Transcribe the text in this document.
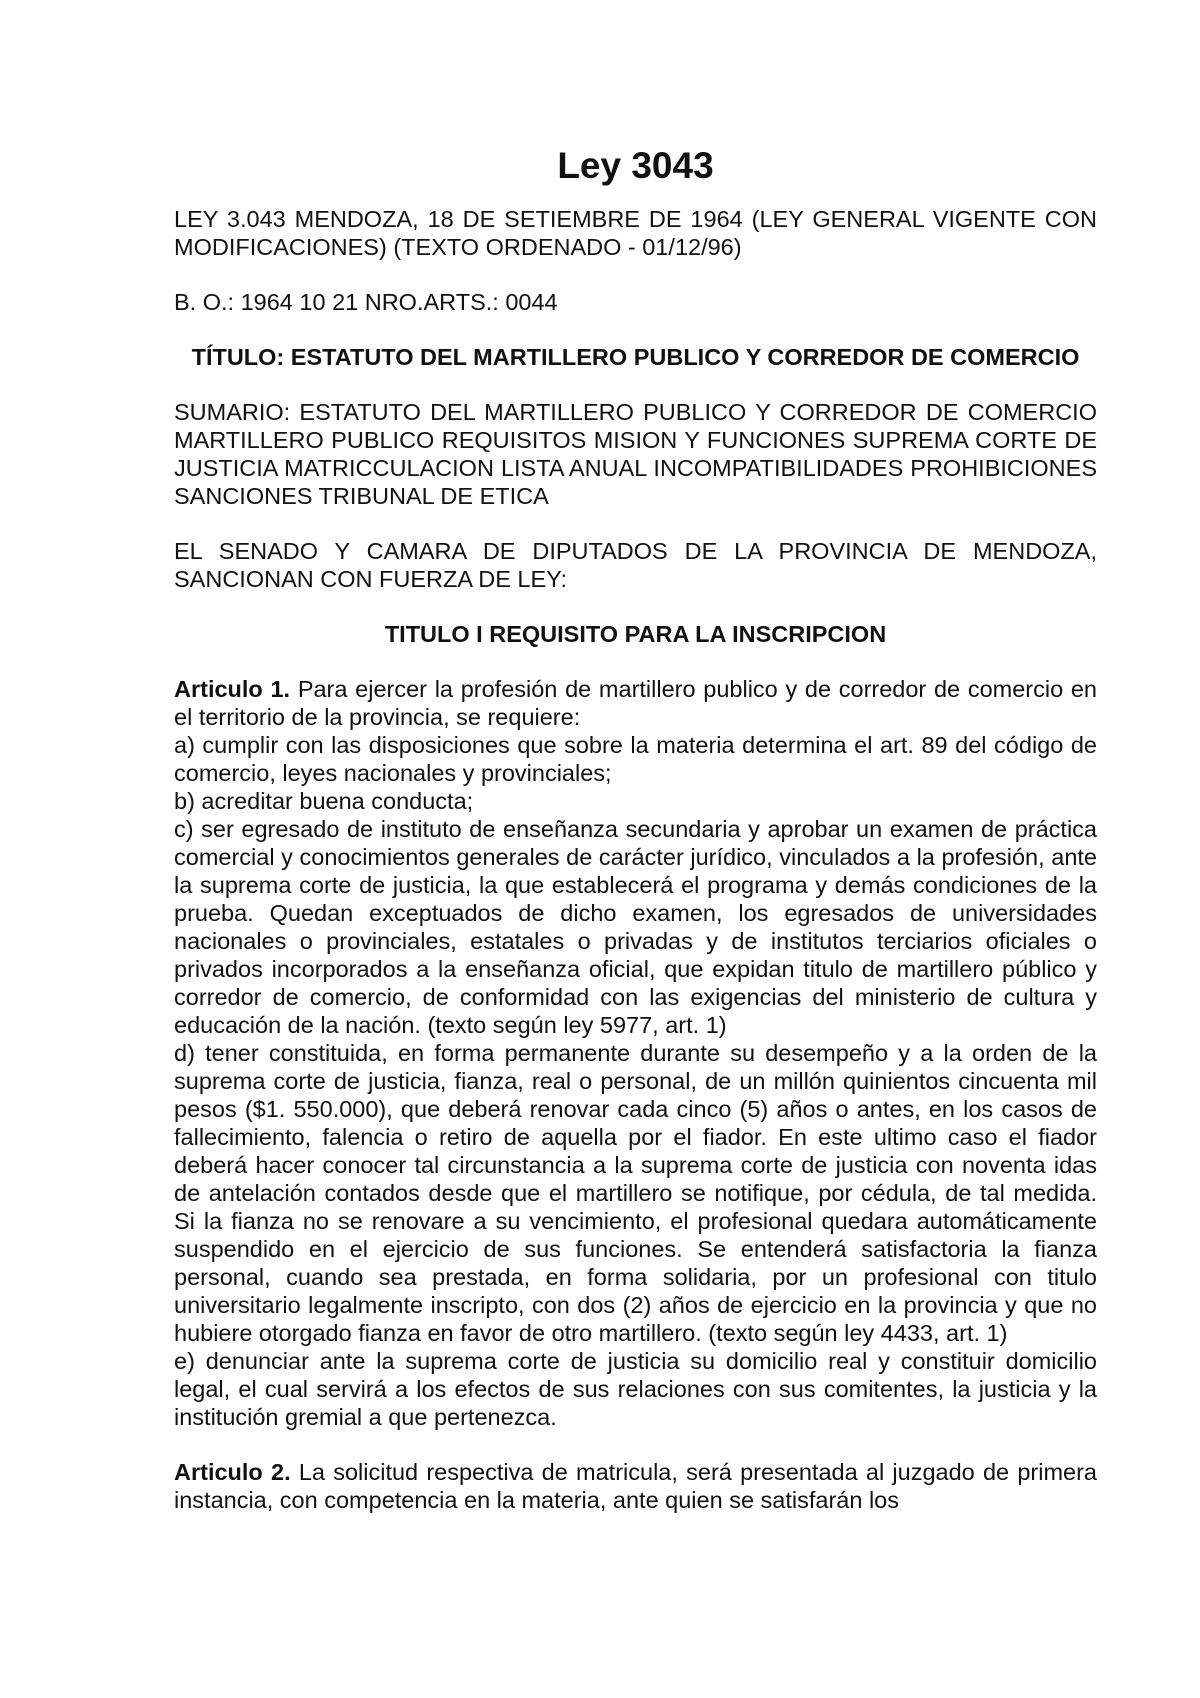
Ley 3043
LEY 3.043 MENDOZA, 18 DE SETIEMBRE DE 1964 (LEY GENERAL VIGENTE CON MODIFICACIONES) (TEXTO ORDENADO - 01/12/96)
B. O.: 1964 10 21 NRO.ARTS.: 0044
TÍTULO: ESTATUTO DEL MARTILLERO PUBLICO Y CORREDOR DE COMERCIO
SUMARIO: ESTATUTO DEL MARTILLERO PUBLICO Y CORREDOR DE COMERCIO MARTILLERO PUBLICO REQUISITOS MISION Y FUNCIONES SUPREMA CORTE DE JUSTICIA MATRICCULACION LISTA ANUAL INCOMPATIBILIDADES PROHIBICIONES SANCIONES TRIBUNAL DE ETICA
EL SENADO Y CAMARA DE DIPUTADOS DE LA PROVINCIA DE MENDOZA, SANCIONAN CON FUERZA DE LEY:
TITULO I REQUISITO PARA LA INSCRIPCION
Articulo 1. Para ejercer la profesión de martillero publico y de corredor de comercio en el territorio de la provincia, se requiere:
a) cumplir con las disposiciones que sobre la materia determina el art. 89 del código de comercio, leyes nacionales y provinciales;
b) acreditar buena conducta;
c) ser egresado de instituto de enseñanza secundaria y aprobar un examen de práctica comercial y conocimientos generales de carácter jurídico, vinculados a la profesión, ante la suprema corte de justicia, la que establecerá el programa y demás condiciones de la prueba. Quedan exceptuados de dicho examen, los egresados de universidades nacionales o provinciales, estatales o privadas y de institutos terciarios oficiales o privados incorporados a la enseñanza oficial, que expidan titulo de martillero público y corredor de comercio, de conformidad con las exigencias del ministerio de cultura y educación de la nación. (texto según ley 5977, art. 1)
d) tener constituida, en forma permanente durante su desempeño y a la orden de la suprema corte de justicia, fianza, real o personal, de un millón quinientos cincuenta mil pesos ($1. 550.000), que deberá renovar cada cinco (5) años o antes, en los casos de fallecimiento, falencia o retiro de aquella por el fiador. En este ultimo caso el fiador deberá hacer conocer tal circunstancia a la suprema corte de justicia con noventa idas de antelación contados desde que el martillero se notifique, por cédula, de tal medida. Si la fianza no se renovare a su vencimiento, el profesional quedara automáticamente suspendido en el ejercicio de sus funciones. Se entenderá satisfactoria la fianza personal, cuando sea prestada, en forma solidaria, por un profesional con titulo universitario legalmente inscripto, con dos (2) años de ejercicio en la provincia y que no hubiere otorgado fianza en favor de otro martillero. (texto según ley 4433, art. 1)
e) denunciar ante la suprema corte de justicia su domicilio real y constituir domicilio legal, el cual servirá a los efectos de sus relaciones con sus comitentes, la justicia y la institución gremial a que pertenezca.
Articulo 2. La solicitud respectiva de matricula, será presentada al juzgado de primera instancia, con competencia en la materia, ante quien se satisfarán los
